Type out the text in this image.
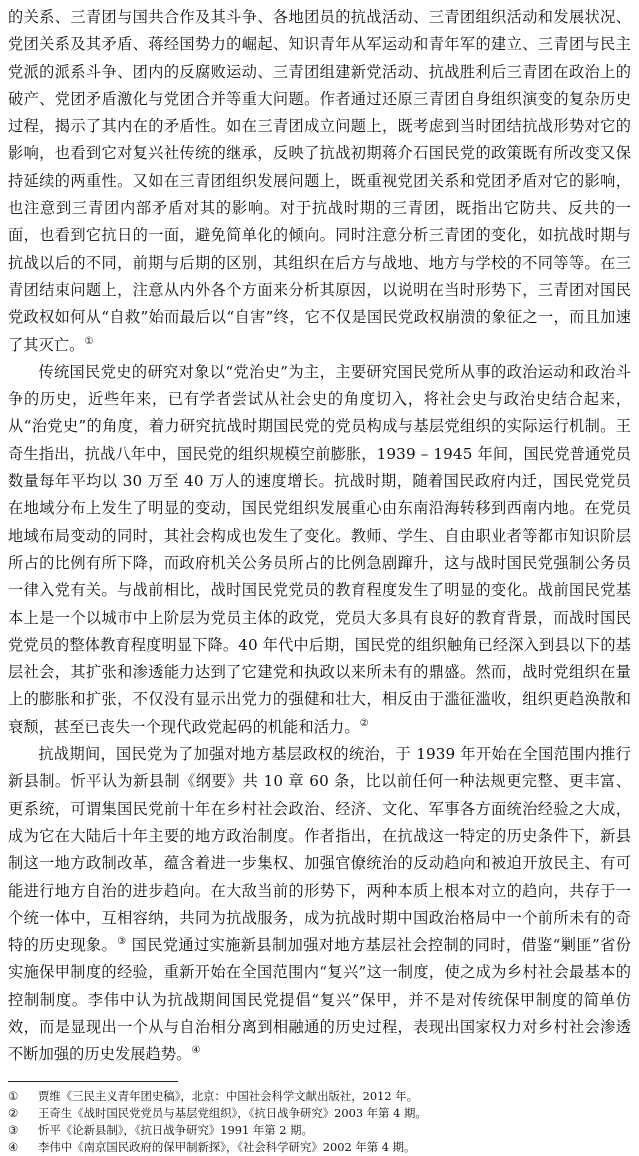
的关系、三青团与国共合作及其斗争、各地团员的抗战活动、三青团组织活动和发展状况、党团关系及其矛盾、蒋经国势力的崛起、知识青年从军运动和青年军的建立、三青团与民主党派的派系斗争、团内的反腐败运动、三青团组建新党活动、抗战胜利后三青团在政治上的破产、党团矛盾激化与党团合并等重大问题。作者通过还原三青团自身组织演变的复杂历史过程，揭示了其内在的矛盾性。如在三青团成立问题上，既考虑到当时团结抗战形势对它的影响，也看到它对复兴社传统的继承，反映了抗战初期蒋介石国民党的政策既有所改变又保持延续的两重性。又如在三青团组织发展问题上，既重视党团关系和党团矛盾对它的影响，也注意到三青团内部矛盾对其的影响。对于抗战时期的三青团，既指出它防共、反共的一面，也看到它抗日的一面，避免简单化的倾向。同时注意分析三青团的变化，如抗战时期与抗战以后的不同，前期与后期的区别，其组织在后方与战地、地方与学校的不同等等。在三青团结束问题上，注意从内外各个方面来分析其原因，以说明在当时形势下，三青团对国民党政权如何从“自救”始而最后以“自害”终，它不仅是国民党政权崩溃的象征之一，而且加速了其灭亡。①

传统国民党史的研究对象以“党治史”为主，主要研究国民党所从事的政治运动和政治斗争的历史，近些年来，已有学者尝试从社会史的角度切入，将社会史与政治史结合起来，从“治党史”的角度，着力研究抗战时期国民党的党员构成与基层党组织的实际运行机制。王奇生指出，抗战八年中，国民党的组织规模空前膨胀，1939 – 1945 年间，国民党普通党员数量每年平均以 30 万至 40 万人的速度增长。抗战时期，随着国民政府内迁，国民党党员在地域分布上发生了明显的变动，国民党组织发展重心由东南沿海转移到西南内地。在党员地域布局变动的同时，其社会构成也发生了变化。教师、学生、自由职业者等都市知识阶层所占的比例有所下降，而政府机关公务员所占的比例急剧蹿升，这与战时国民党强制公务员一律入党有关。与战前相比，战时国民党党员的教育程度发生了明显的变化。战前国民党基本上是一个以城市中上阶层为党员主体的政党，党员大多具有良好的教育背景，而战时国民党党员的整体教育程度明显下降。40 年代中后期，国民党的组织触角已经深入到县以下的基层社会，其扩张和渗透能力达到了它建党和执政以来所未有的鼎盛。然而，战时党组织在量上的膨胀和扩张，不仅没有显示出党力的强健和壮大，相反由于滥征滥收，组织更趋涣散和衰颓，甚至已丧失一个现代政党起码的机能和活力。②

抗战期间，国民党为了加强对地方基层政权的统治，于 1939 年开始在全国范围内推行新县制。忻平认为新县制《纲要》共 10 章 60 条，比以前任何一种法规更完整、更丰富、更系统，可谓集国民党前十年在乡村社会政治、经济、文化、军事各方面统治经验之大成，成为它在大陆后十年主要的地方政治制度。作者指出，在抗战这一特定的历史条件下，新县制这一地方政制改革，蕴含着进一步集权、加强官僚统治的反动趋向和被迫开放民主、有可能进行地方自治的进步趋向。在大敌当前的形势下，两种本质上根本对立的趋向，共存于一个统一体中，互相容纳，共同为抗战服务，成为抗战时期中国政治格局中一个前所未有的奇特的历史现象。③ 国民党通过实施新县制加强对地方基层社会控制的同时，借鉴“剿匪”省份实施保甲制度的经验，重新开始在全国范围内“复兴”这一制度，使之成为乡村社会最基本的控制制度。李伟中认为抗战期间国民党提倡“复兴”保甲，并不是对传统保甲制度的简单仿效，而是显现出一个从与自治相分离到相融通的历史过程，表现出国家权力对乡村社会渗透不断加强的历史发展趋势。④

① 贾维《三民主义青年团史稿》，北京：中国社会科学文献出版社，2012 年。

② 王奇生《战时国民党党员与基层党组织》，《抗日战争研究》2003 年第 4 期。

③ 忻平《论新县制》，《抗日战争研究》1991 年第 2 期。

④ 李伟中《南京国民政府的保甲制新探》，《社会科学研究》2002 年第 4 期。
